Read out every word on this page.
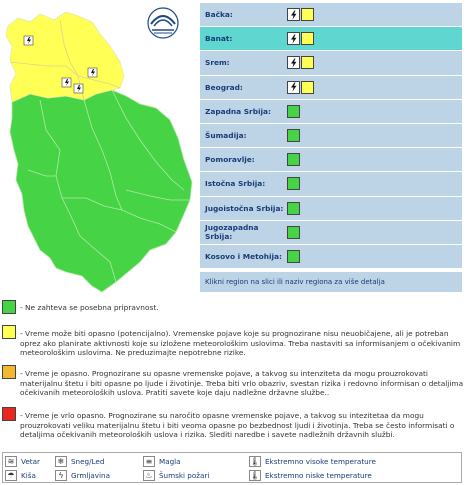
Bačka:
Banat:
Srem:
Beograd:
Zapadna Srbija:
Šumadija:
Pomoravlje:
Istočna Srbija:
Jugoistočna Srbija:
Jugozapadna Srbija:
Kosovo i Metohija:
Klikni region na slici ili naziv regiona za više detalja
- Ne zahteva se posebna pripravnost.
- Vreme može biti opasno (potencijalno). Vremenske pojave koje su prognozirane nisu neuobičajene, ali je potreban oprez ako planirate aktivnosti koje su izložene meteorološkim uslovima. Treba nastaviti sa informisanjem o očekivanim meteorološkim uslovima. Ne preduzimajte nepotrebne rizike.
- Vreme je opasno. Prognozirane su opasne vremenske pojave, a takvog su intenziteta da mogu prouzrokovati materijalnu štetu i biti opasne po ljude i životinje. Treba biti vrlo obazriv, svestan rizika i redovno informisan o detaljima očekivanih meteoroloških uslova. Pratiti savete koje daju nadležne državne službe..
- Vreme je vrlo opasno. Prognozirane su naročito opasne vremenske pojave, a takvog su intezitetaa da mogu prouzrokovati veliku materijalnu štetu i biti veoma opasne po bezbednost ljudi i životinja. Treba se često informisati o detaljima očekivanih meteoroloških uslova i rizika. Slediti naredbe i savete nadležnih državnih službi.
≋ Vetar	❄ Sneg/Led	≡ Magla	🌡 Ekstremno visoke temperature
☂ Kiša	ϟ	Grmljavina	♨ Šumski požari	🌡 Ekstremno niske temperature
